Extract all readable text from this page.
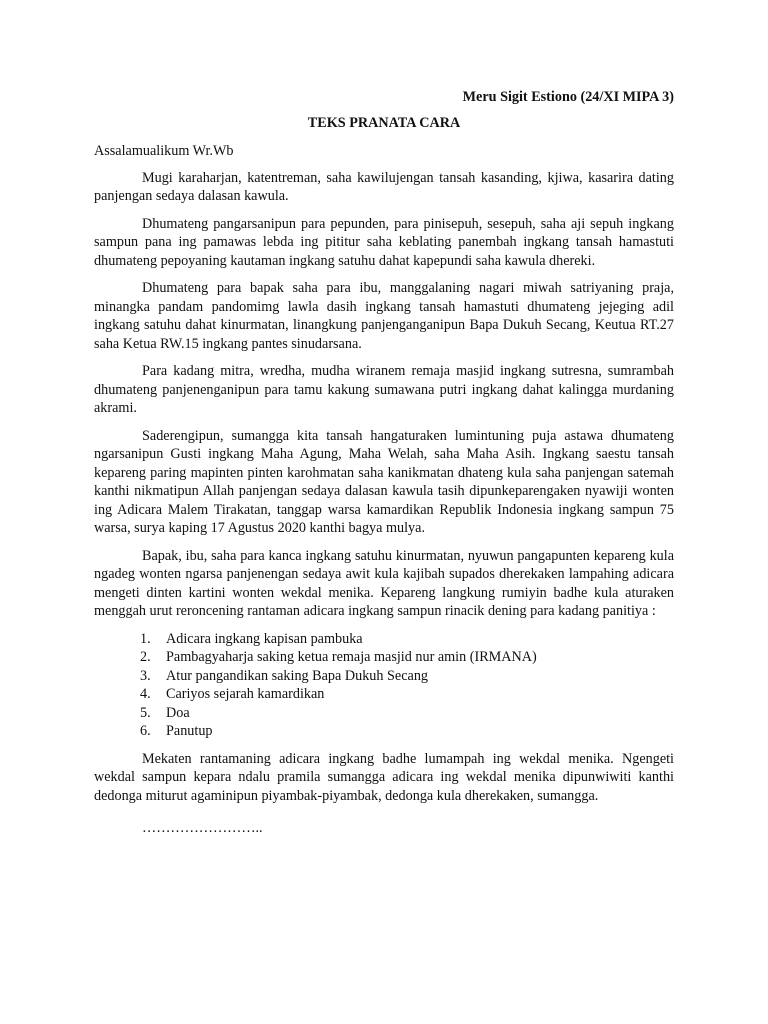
Meru Sigit Estiono (24/XI MIPA 3)
TEKS PRANATA CARA
Assalamualikum Wr.Wb

Mugi karaharjan, katentreman, saha kawilujengan tansah kasanding, kjiwa, kasarira dating panjengan sedaya dalasan kawula.

Dhumateng pangarsanipun para pepunden, para pinisepuh, sesepuh, saha aji sepuh ingkang sampun pana ing pamawas lebda ing pititur saha keblating panembah ingkang tansah hamastuti dhumateng pepoyaning kautaman ingkang satuhu dahat kapepundi saha kawula dhereki.

Dhumateng para bapak saha para ibu, manggalaning nagari miwah satriyaning praja, minangka pandam pandomimg lawla dasih ingkang tansah hamastuti dhumateng jejeging adil ingkang satuhu dahat kinurmatan, linangkung panjenganganipun Bapa Dukuh Secang, Keutua RT.27 saha Ketua RW.15 ingkang pantes sinudarsana.

Para kadang mitra, wredha, mudha wiranem remaja masjid ingkang sutresna, sumrambah dhumateng panjenenganipun para tamu kakung sumawana putri ingkang dahat kalingga murdaning akrami.

Saderengipun, sumangga kita tansah hangaturaken lumintuning puja astawa dhumateng ngarsanipun Gusti ingkang Maha Agung, Maha Welah, saha Maha Asih. Ingkang saestu tansah kepareng paring mapinten pinten karohmatan saha kanikmatan dhateng kula saha panjengan satemah kanthi nikmatipun Allah panjengan sedaya dalasan kawula tasih dipunkeparengaken nyawiji wonten ing Adicara Malem Tirakatan, tanggap warsa kamardikan Republik Indonesia ingkang sampun 75 warsa, surya kaping 17 Agustus 2020 kanthi bagya mulya.

Bapak, ibu, saha para kanca ingkang satuhu kinurmatan, nyuwun pangapunten kepareng kula ngadeg wonten ngarsa panjenengan sedaya awit kula kajibah supados dherekaken lampahing adicara mengeti dinten kartini wonten wekdal menika. Kepareng langkung rumiyin badhe kula aturaken menggah urut reroncening rantaman adicara ingkang sampun rinacik dening para kadang panitiya :

1.	Adicara ingkang kapisan pambuka
2.	Pambagyaharja saking ketua remaja masjid nur amin (IRMANA)
3.	Atur pangandikan saking Bapa Dukuh Secang
4.	Cariyos sejarah kamardikan
5.	Doa
6.	Panutup

Mekaten rantamaning adicara ingkang badhe lumampah ing wekdal menika. Ngengeti wekdal sampun kepara ndalu pramila sumangga adicara ing wekdal menika dipunwiwiti kanthi dedonga miturut agaminipun piyambak-piyambak, dedonga kula dherekaken, sumangga.

……………………..
